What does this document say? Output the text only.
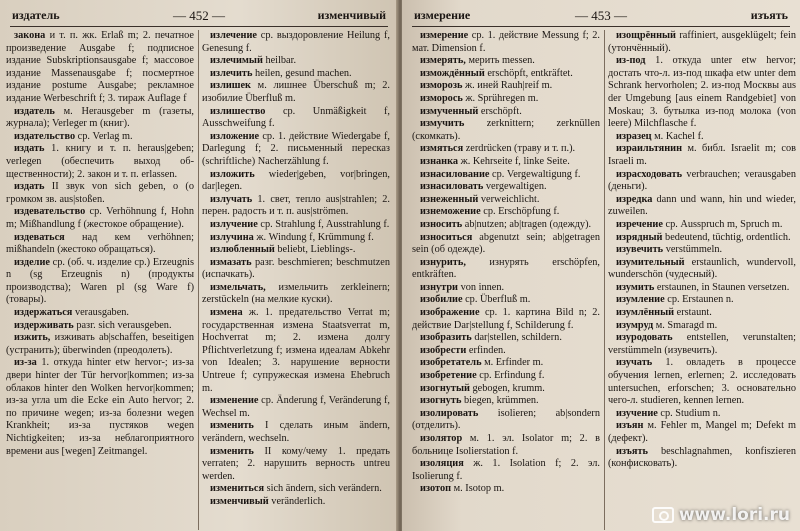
издатель	— 452 —	изменчивый

закона и т. п. жк. Erlaß m; 2. печатное произведение Ausgabe f; подписное издание Subskriptionsausgabe f; массовое издание Massenausgabe f; посмертное издание postume Ausgabe; рекламное издание Werbeschrift f; 3. тираж Auflage f

издатель м. Herausgeber m (газеты, журнала); Verleger m (книг).

издательство ср. Verlag m.

издать 1. книгу и т. п. heraus|geben; verlegen (обеспечить выход об-щественности); 2. закон и т. п. erlassen.

издать II звук von sich geben, o (о громком зв. aus|stoßen.

издевательство ср. Verhöhnung f, Hohn m; Mißhandlung f (жестокое обращение).

издеваться над кем verhöhnen; mißhandeln (жестоко обращаться).

изделие ср. (об. ч. изделие ср.) Erzeugnis n (sg Erzeugnis n) (продукты производства); Waren pl (sg Ware f) (товары).

издержаться verausgaben.

издерживать разг. sich verausgeben.

изжить, изживать ab|schaffen, beseitigen (устранить); überwinden (преодолеть).

из-за 1. откуда hinter etw hervor-; из-за двери hinter der Tür hervor|kommen; из-за облаков hinter den Wolken hervor|kommen; из-за угла um die Ecke ein Auto hervor; 2. по причине wegen; из-за болезни wegen Krankheit; из-за пустяков wegen Nichtigkeiten; из-за неблагоприятного времени aus [wegen] Zeitmangel.

излечение ср. выздоровление Heilung f, Genesung f.

излечимый heilbar.

излечить heilen, gesund machen.

излишек м. лишнее Überschuß m; 2. изобилие Überfluß m.

излишество ср. Unmäßigkeit f, Ausschweifung f.

изложение ср. 1. действие Wiedergabe f, Darlegung f; 2. письменный пересказ (schriftliche) Nacherzählung f.

изложить wieder|geben, vor|bringen, dar|legen.

излучать 1. свет, тепло aus|strahlen; 2. перен. радость и т. п. aus|strömen.

излучение ср. Strahlung f, Ausstrahlung f.

излучина ж. Windung f, Krümmung f.

излюбленный beliebt, Lieblings-.

измазать разг. beschmieren; beschmutzen (испачкать).

измельчать, измельчить zerkleinern; zerstückeln (на мелкие куски).

измена ж. 1. предательство Verrat m; государственная измена Staatsverrat m, Hochverrat m; 2. измена долгу Pflichtverletzung f; измена идеалам Abkehr von Idealen; 3. нарушение верности Untreue f; супружеская измена Ehebruch m.

изменение ср. Änderung f, Veränderung f, Wechsel m.

изменить I сделать иным ändern, verändern, wechseln.

изменить II кому/чему 1. предать verraten; 2. нарушить верность untreu werden.

измениться sich ändern, sich verändern.

изменчивый veränderlich.

измерение	— 453 —	изъять

измерение ср. 1. действие Messung f; 2. мат. Dimension f.

измерять, мерить messen.

измождённый erschöpft, entkräftet.

изморозь ж. иней Rauh|reif m.

изморось ж. Sprühregen m.

измученный erschöpft.

измучить zerknittern; zerknüllen (скомкать).

измяться zerdrücken (траву и т. п.).

изнанка ж. Kehrseite f, linke Seite.

изнасилование ср. Vergewaltigung f.

изнасиловать vergewaltigen.

изнеженный verweichlicht.

изнеможение ср. Erschöpfung f.

износить ab|nutzen; ab|tragen (одежду).

износиться abgenutzt sein; ab|getragen sein (об одежде).

изнурить, изнурять erschöpfen, entkräften.

изнутри von innen.

изобилие ср. Überfluß m.

изображение ср. 1. картина Bild n; 2. действие Dar|stellung f, Schilderung f.

изобразить dar|stellen, schildern.

изобрести erfinden.

изобретатель м. Erfinder m.

изобретение ср. Erfindung f.

изогнутый gebogen, krumm.

изогнуть biegen, krümmen.

изолировать isolieren; ab|sondern (отделить).

изолятор м. 1. эл. Isolator m; 2. в больнице Isolierstation f.

изоляция ж. 1. Isolation f; 2. эл. Isolierung f.

изотоп м. Isotop m.

изощрённый raffiniert, ausgeklügelt; fein (утончённый).

из-под 1. откуда unter etw hervor; достать что-л. из-под шкафа etw unter dem Schrank hervorholen; 2. из-под Москвы aus der Umgebung [aus einem Randgebiet] von Moskau; 3. бутылка из-под молока (von leere) Milchflasche f.

изразец м. Kachel f.

израильтянин м. библ. Israelit m; сов Israeli m.

израсходовать verbrauchen; verausgaben (деньги).

изредка dann und wann, hin und wieder, zuweilen.

изречение ср. Ausspruch m, Spruch m.

изрядный bedeutend, tüchtig, ordentlich.

изувечить verstümmeln.

изумительный erstaunlich, wundervoll, wunderschön (чудесный).

изумить erstaunen, in Staunen versetzen.

изумление ср. Erstaunen n.

изумлённый erstaunt.

изумруд м. Smaragd m.

изуродовать entstellen, verunstalten; verstümmeln (изувечить).

изучать 1. овладеть в процессе обучения lernen, erlernen; 2. исследовать untersuchen, erforschen; 3. основательно чего-л. studieren, kennen lernen.

изучение ср. Studium n.

изъян м. Fehler m, Mangel m; Defekt m (дефект).

изъять beschlagnahmen, konfiszieren (конфисковать).

www.lori.ru
